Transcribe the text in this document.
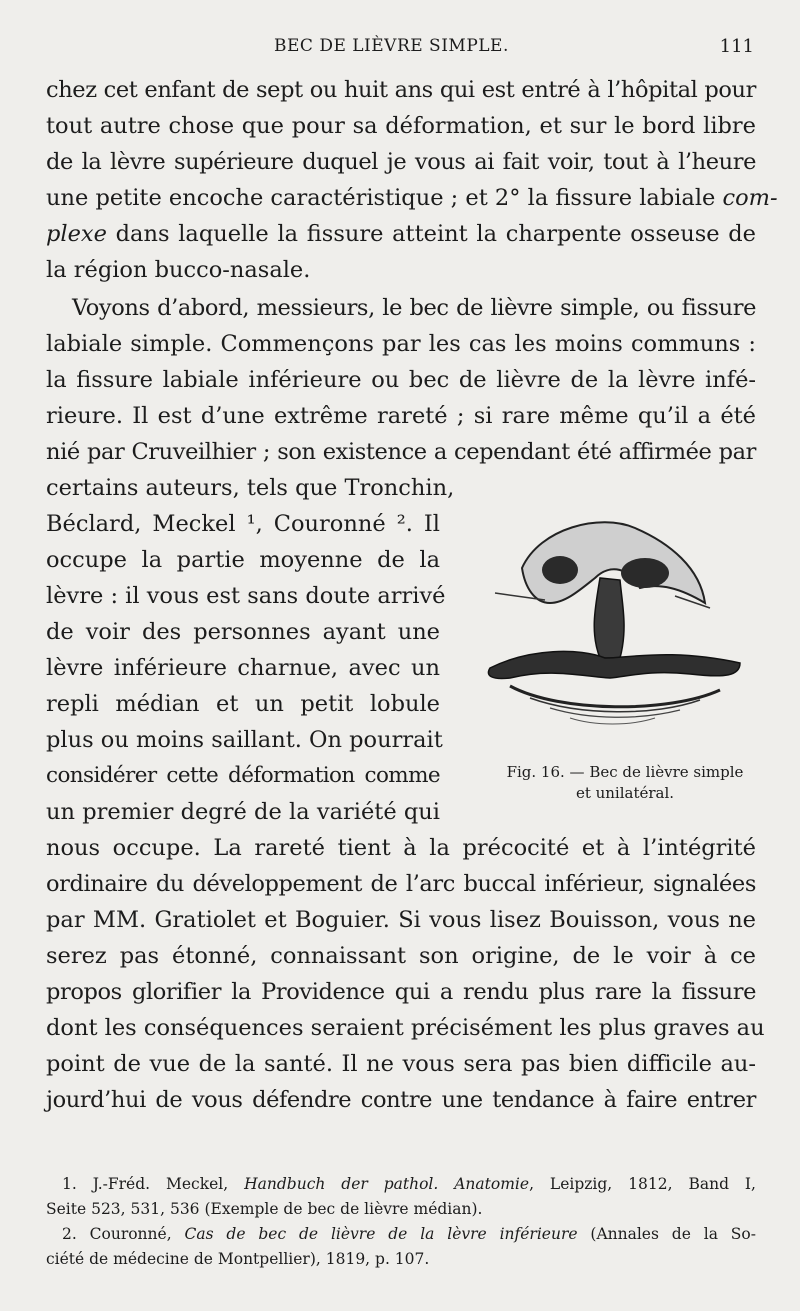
BEC DE LIÈVRE SIMPLE.	111
chez cet enfant de sept ou huit ans qui est entré à l’hôpital pour
tout autre chose que pour sa déformation, et sur le bord libre
de la lèvre supérieure duquel je vous ai fait voir, tout à l’heure
une petite encoche caractéristique ; et 2° la fissure labiale com-
plexe dans laquelle la fissure atteint la charpente osseuse de
la région bucco-nasale.
Voyons d’abord, messieurs, le bec de lièvre simple, ou fissure
labiale simple. Commençons par les cas les moins communs :
la fissure labiale inférieure ou bec de lièvre de la lèvre infé-
rieure. Il est d’une extrême rareté ; si rare même qu’il a été
nié par Cruveilhier ; son existence a cependant été affirmée par
certains auteurs, tels que Tronchin,
Béclard, Meckel ¹, Couronné ². Il
occupe la partie moyenne de la
lèvre : il vous est sans doute arrivé
de voir des personnes ayant une
lèvre inférieure charnue, avec un
repli médian et un petit lobule
plus ou moins saillant. On pourrait
considérer cette déformation comme
un premier degré de la variété qui
nous occupe. La rareté tient à la précocité et à l’intégrité
ordinaire du développement de l’arc buccal inférieur, signalées
par MM. Gratiolet et Boguier. Si vous lisez Bouisson, vous ne
serez pas étonné, connaissant son origine, de le voir à ce
propos glorifier la Providence qui a rendu plus rare la fissure
dont les conséquences seraient précisément les plus graves au
point de vue de la santé. Il ne vous sera pas bien difficile au-
jourd’hui de vous défendre contre une tendance à faire entrer
Fig. 16. — Bec de lièvre simple
et unilatéral.
1. J.-Fréd. Meckel, Handbuch der pathol. Anatomie, Leipzig, 1812, Band I,
Seite 523, 531, 536 (Exemple de bec de lièvre médian).
2. Couronné, Cas de bec de lièvre de la lèvre inférieure (Annales de la So-
ciété de médecine de Montpellier), 1819, p. 107.
